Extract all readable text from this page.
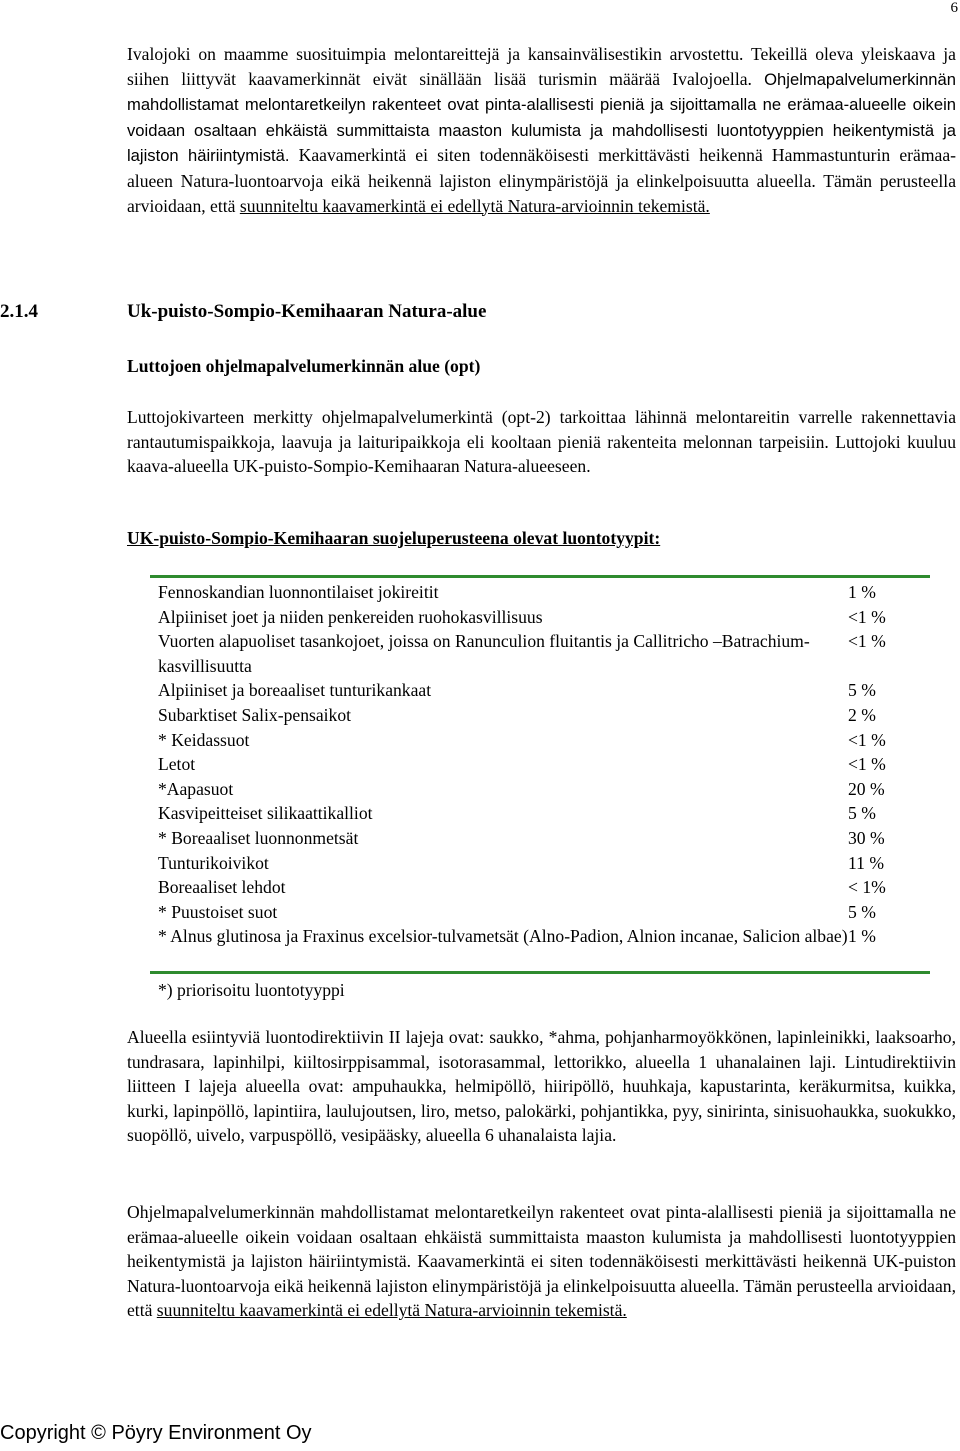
6

Ivalojoki on maamme suosituimpia melontareittejä ja kansainvälisestikin arvostettu. Tekeillä oleva yleiskaava ja siihen liittyvät kaavamerkinnät eivät sinällään lisää turismin määrää Ivalojoella. Ohjelmapalvelumerkinnän mahdollistamat melontaretkeilyn rakenteet ovat pinta-alallisesti pieniä ja sijoittamalla ne erämaa-alueelle oikein voidaan osaltaan ehkäistä summittaista maaston kulumista ja mahdollisesti luontotyyppien heikentymistä ja lajiston häiriintymistä. Kaavamerkintä ei siten todennäköisesti merkittävästi heikennä Hammastunturin erämaa-alueen Natura-luontoarvoja eikä heikennä lajiston elinympäristöjä ja elinkelpoisuutta alueella. Tämän perusteella arvioidaan, että suunniteltu kaavamerkintä ei edellytä Natura-arvioinnin tekemistä.

2.1.4	Uk-puisto-Sompio-Kemihaaran Natura-alue
Luttojoen ohjelmapalvelumerkinnän alue (opt)

Luttojokivarteen merkitty ohjelmapalvelumerkintä (opt-2) tarkoittaa lähinnä melontareitin varrelle rakennettavia rantautumispaikkoja, laavuja ja laituripaikkoja eli kooltaan pieniä rakenteita melonnan tarpeisiin. Luttojoki kuuluu kaava-alueella UK-puisto-Sompio-Kemihaaran Natura-alueeseen.

UK-puisto-Sompio-Kemihaaran suojeluperusteena olevat luontotyypit:
Fennoskandian luonnontilaiset jokireitit	1 %
Alpiiniset joet ja niiden penkereiden ruohokasvillisuus	<1 %
Vuorten alapuoliset tasankojoet, joissa on Ranunculion fluitantis ja Callitricho –Batrachium-kasvillisuutta
<1 %
Alpiiniset ja boreaaliset tunturikankaat	5 %
Subarktiset Salix-pensaikot	2 %
* Keidassuot	<1 %
Letot	<1 %
*Aapasuot	20 %
Kasvipeitteiset silikaattikalliot	5 %
* Boreaaliset luonnonmetsät	30 %
Tunturikoivikot	11 %
Boreaaliset lehdot	< 1%
* Puustoiset suot	5 %
* Alnus glutinosa ja Fraxinus excelsior-tulvametsät (Alno-Padion, Alnion incanae, Salicion albae) 1 %
*) priorisoitu luontotyyppi

Alueella esiintyviä luontodirektiivin II lajeja ovat: saukko, *ahma, pohjanharmoyökkönen, lapinleinikki, laaksoarho, tundrasara, lapinhilpi, kiiltosirppisammal, isotorasammal, lettorikko, alueella 1 uhanalainen laji. Lintudirektiivin liitteen I lajeja alueella ovat: ampuhaukka, helmipöllö, hiiripöllö, huuhkaja, kapustarinta, keräkurmitsa, kuikka, kurki, lapinpöllö, lapintiira, laulujoutsen, liro, metso, palokärki, pohjantikka, pyy, sinirinta, sinisuohaukka, suokukko, suopöllö, uivelo, varpuspöllö, vesipääsky, alueella 6 uhanalaista lajia.

Ohjelmapalvelumerkinnän mahdollistamat melontaretkeilyn rakenteet ovat pinta-alallisesti pieniä ja sijoittamalla ne erämaa-alueelle oikein voidaan osaltaan ehkäistä summittaista maaston kulumista ja mahdollisesti luontotyyppien heikentymistä ja lajiston häiriintymistä. Kaavamerkintä ei siten todennäköisesti merkittävästi heikennä UK-puiston Natura-luontoarvoja eikä heikennä lajiston elinympäristöjä ja elinkelpoisuutta alueella. Tämän perusteella arvioidaan, että suunniteltu kaavamerkintä ei edellytä Natura-arvioinnin tekemistä.

Copyright © Pöyry Environment Oy
